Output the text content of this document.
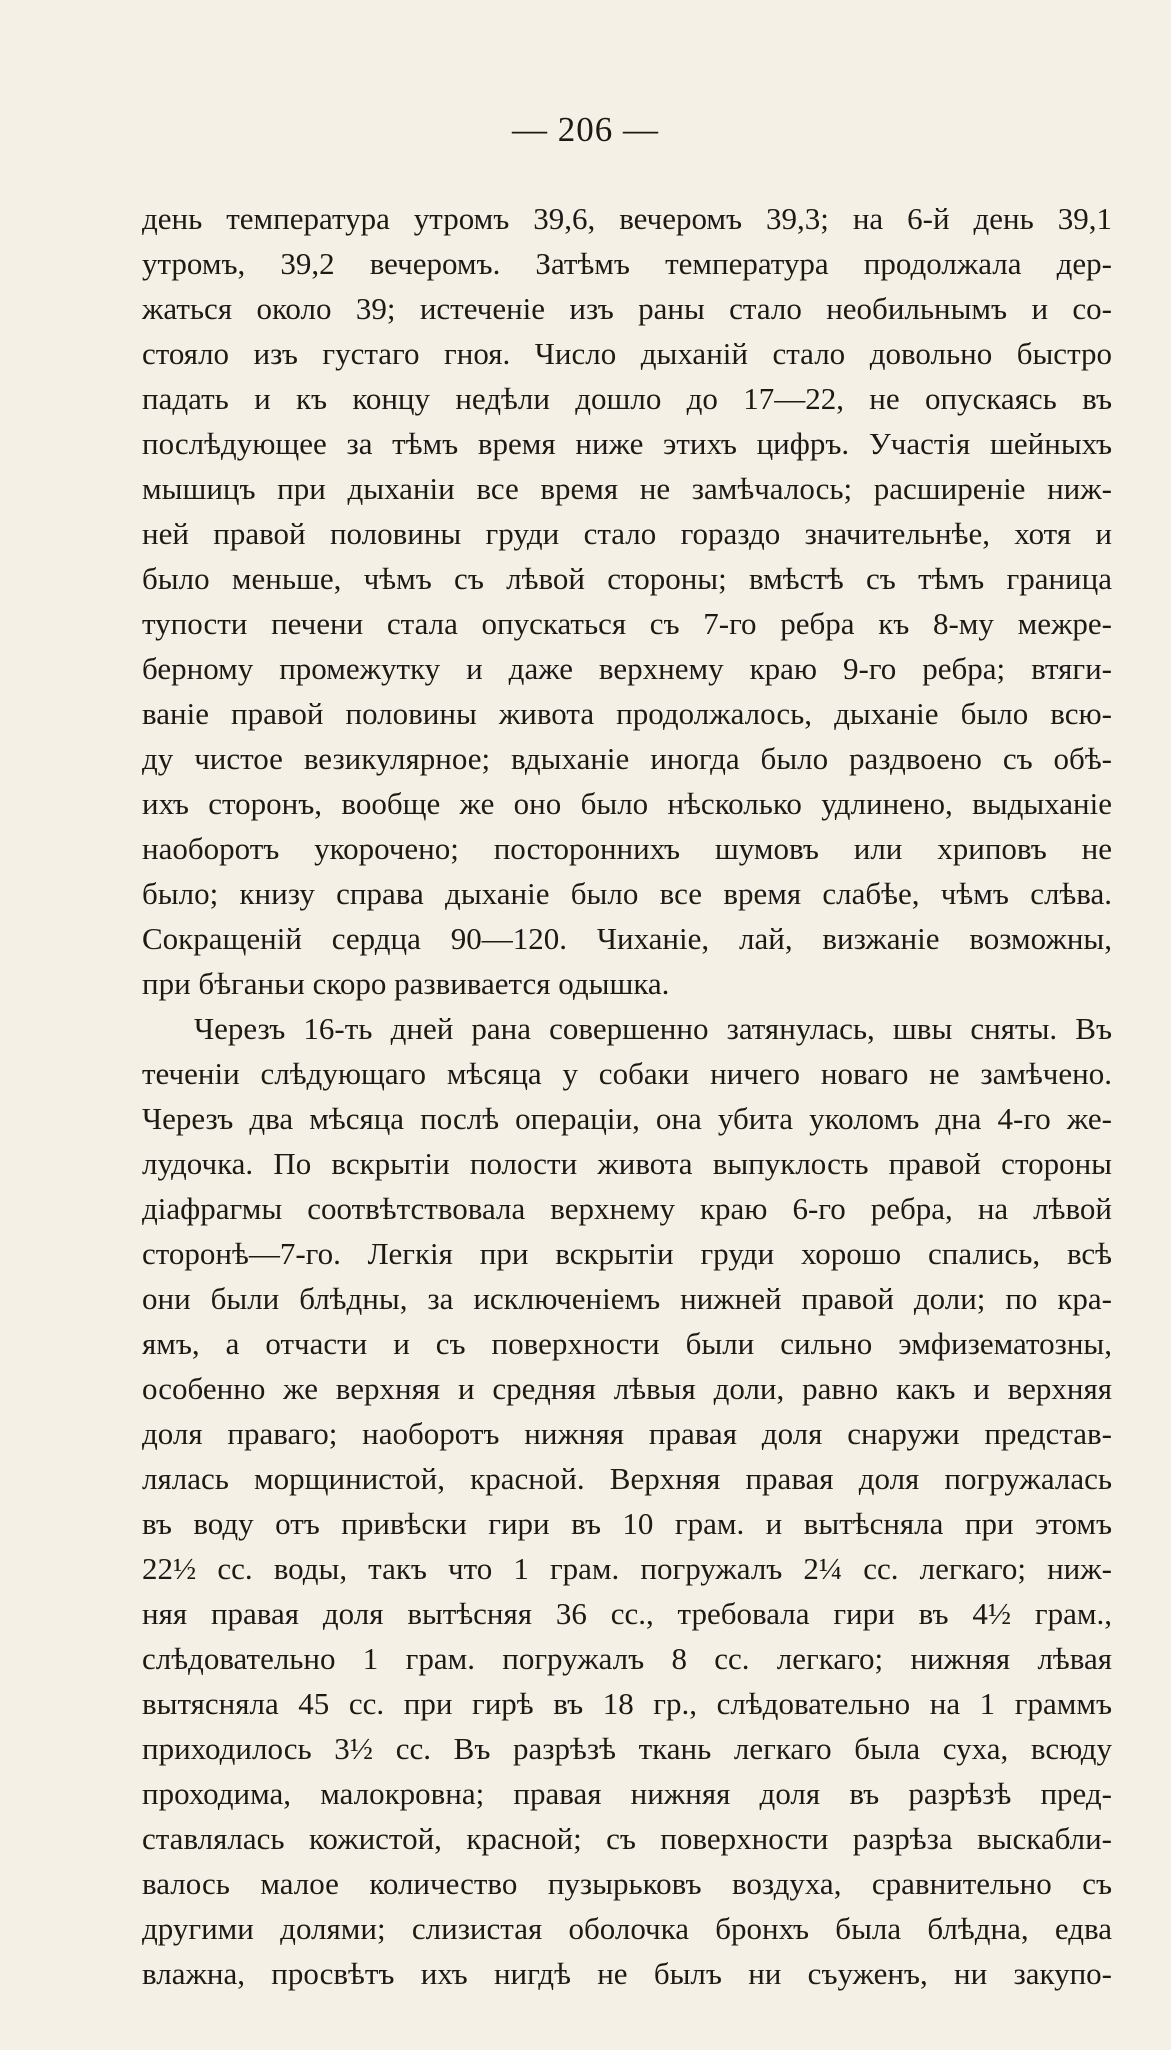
— 206 —
день температура утромъ 39,6, вечеромъ 39,3; на 6-й день 39,1
утромъ, 39,2 вечеромъ. Затѣмъ температура продолжала дер-
жаться около 39; истеченіе изъ раны стало необильнымъ и со-
стояло изъ густаго гноя. Число дыханій стало довольно быстро
падать и къ концу недѣли дошло до 17—22, не опускаясь въ
послѣдующее за тѣмъ время ниже этихъ цифръ. Участія шейныхъ
мышицъ при дыханіи все время не замѣчалось; расширеніе ниж-
ней правой половины груди стало гораздо значительнѣе, хотя и
было меньше, чѣмъ съ лѣвой стороны; вмѣстѣ съ тѣмъ граница
тупости печени стала опускаться съ 7-го ребра къ 8-му межре-
берному промежутку и даже верхнему краю 9-го ребра; втяги-
ваніе правой половины живота продолжалось, дыханіе было всю-
ду чистое везикулярное; вдыханіе иногда было раздвоено съ обѣ-
ихъ сторонъ, вообще же оно было нѣсколько удлинено, выдыханіе
наоборотъ укорочено; постороннихъ шумовъ или хриповъ не
было; книзу справа дыханіе было все время слабѣе, чѣмъ слѣва.
Сокращеній сердца 90—120. Чиханіе, лай, визжаніе возможны,
при бѣганьи скоро развивается одышка.
Черезъ 16-ть дней рана совершенно затянулась, швы сняты. Въ
теченіи слѣдующаго мѣсяца у собаки ничего новаго не замѣчено.
Черезъ два мѣсяца послѣ операціи, она убита уколомъ дна 4-го же-
лудочка. По вскрытіи полости живота выпуклость правой стороны
діафрагмы соотвѣтствовала верхнему краю 6-го ребра, на лѣвой
сторонѣ—7-го. Легкія при вскрытіи груди хорошо спались, всѣ
они были блѣдны, за исключеніемъ нижней правой доли; по кра-
ямъ, а отчасти и съ поверхности были сильно эмфизематозны,
особенно же верхняя и средняя лѣвыя доли, равно какъ и верхняя
доля праваго; наоборотъ нижняя правая доля снаружи представ-
лялась морщинистой, красной. Верхняя правая доля погружалась
въ воду отъ привѣски гири въ 10 грам. и вытѣсняла при этомъ
22½ сс. воды, такъ что 1 грам. погружалъ 2¼ сс. легкаго; ниж-
няя правая доля вытѣсняя 36 сс., требовала гири въ 4½ грам.,
слѣдовательно 1 грам. погружалъ 8 сс. легкаго; нижняя лѣвая
вытясняла 45 сс. при гирѣ въ 18 гр., слѣдовательно на 1 граммъ
приходилось 3½ сс. Въ разрѣзѣ ткань легкаго была суха, всюду
проходима, малокровна; правая нижняя доля въ разрѣзѣ пред-
ставлялась кожистой, красной; съ поверхности разрѣза выскабли-
валось малое количество пузырьковъ воздуха, сравнительно съ
другими долями; слизистая оболочка бронхъ была блѣдна, едва
влажна, просвѣтъ ихъ нигдѣ не былъ ни съуженъ, ни закупо-
